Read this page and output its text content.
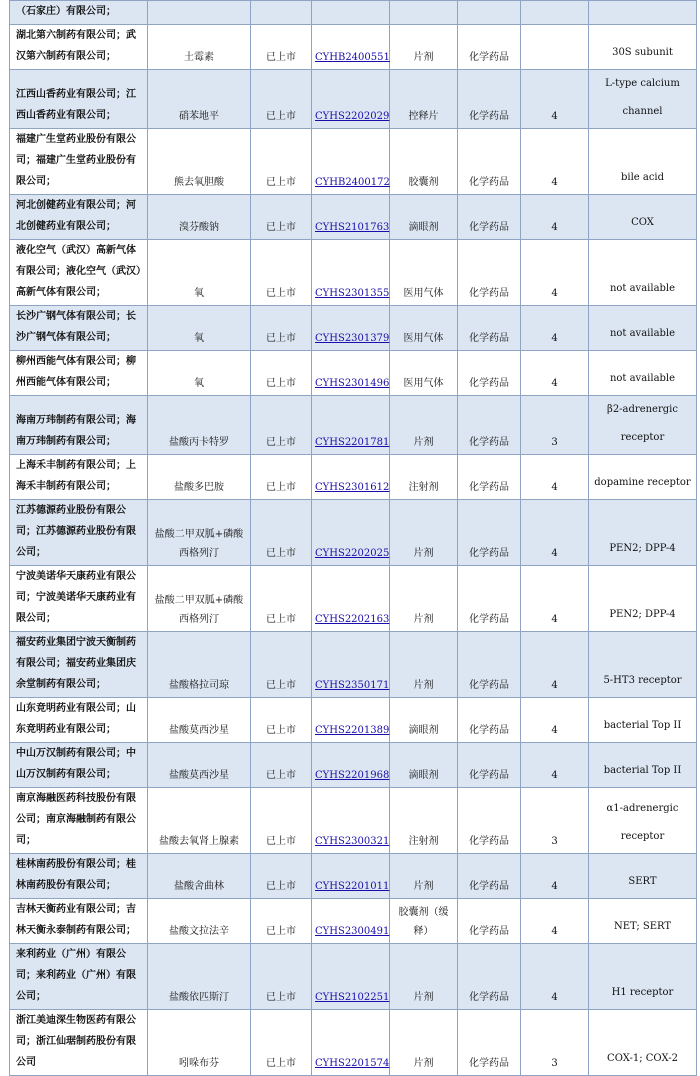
（石家庄）有限公司；							
湖北第六制药有限公司；武汉第六制药有限公司；	土霉素	已上市	CYHB2400551	片剂	化学药品		30S subunit
江西山香药业有限公司；江西山香药业有限公司；	硝苯地平	已上市	CYHS2202029	控释片	化学药品	4	L-type calcium channel
福建广生堂药业股份有限公司；福建广生堂药业股份有限公司；	熊去氧胆酸	已上市	CYHB2400172	胶囊剂	化学药品	4	bile acid
河北创健药业有限公司；河北创健药业有限公司；	溴芬酸钠	已上市	CYHS2101763	滴眼剂	化学药品	4	COX
液化空气（武汉）高新气体有限公司；液化空气（武汉）高新气体有限公司；	氧	已上市	CYHS2301355	医用气体	化学药品	4	not available
长沙广钢气体有限公司；长沙广钢气体有限公司；	氧	已上市	CYHS2301379	医用气体	化学药品	4	not available
柳州西能气体有限公司；柳州西能气体有限公司；	氧	已上市	CYHS2301496	医用气体	化学药品	4	not available
海南万玮制药有限公司；海南万玮制药有限公司；	盐酸丙卡特罗	已上市	CYHS2201781	片剂	化学药品	3	β2-adrenergic receptor
上海禾丰制药有限公司；上海禾丰制药有限公司；	盐酸多巴胺	已上市	CYHS2301612	注射剂	化学药品	4	dopamine receptor
江苏德源药业股份有限公司；江苏德源药业股份有限公司；	盐酸二甲双胍+磷酸西格列汀	已上市	CYHS2202025	片剂	化学药品	4	PEN2; DPP-4
宁波美诺华天康药业有限公司；宁波美诺华天康药业有限公司；	盐酸二甲双胍+磷酸西格列汀	已上市	CYHS2202163	片剂	化学药品	4	PEN2; DPP-4
福安药业集团宁波天衡制药有限公司；福安药业集团庆余堂制药有限公司；	盐酸格拉司琼	已上市	CYHS2350171	片剂	化学药品	4	5-HT3 receptor
山东竞明药业有限公司；山东竞明药业有限公司；	盐酸莫西沙星	已上市	CYHS2201389	滴眼剂	化学药品	4	bacterial Top II
中山万汉制药有限公司；中山万汉制药有限公司；	盐酸莫西沙星	已上市	CYHS2201968	滴眼剂	化学药品	4	bacterial Top II
南京海融医药科技股份有限公司；南京海融制药有限公司；	盐酸去氧肾上腺素	已上市	CYHS2300321	注射剂	化学药品	3	α1-adrenergic receptor
桂林南药股份有限公司；桂林南药股份有限公司；	盐酸舍曲林	已上市	CYHS2201011	片剂	化学药品	4	SERT
吉林天衡药业有限公司；吉林天衡永泰制药有限公司；	盐酸文拉法辛	已上市	CYHS2300491	胶囊剂（缓释）	化学药品	4	NET; SERT
来利药业（广州）有限公司；来利药业（广州）有限公司；	盐酸依匹斯汀	已上市	CYHS2102251	片剂	化学药品	4	H1 receptor
浙江美迪深生物医药有限公司；浙江仙琚制药股份有限公司	吲哚布芬	已上市	CYHS2201574	片剂	化学药品	3	COX-1; COX-2
